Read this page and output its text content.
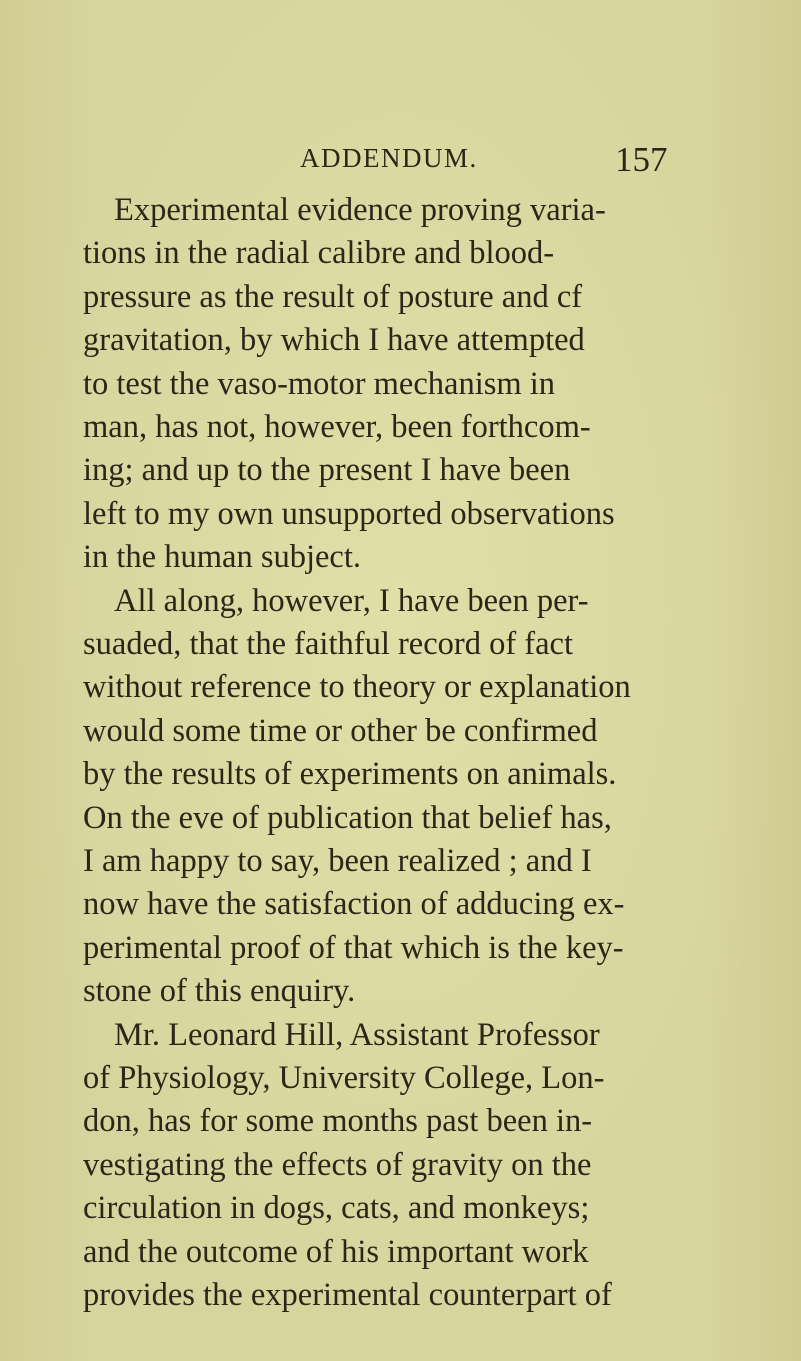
ADDENDUM.	157
Experimental evidence proving varia-
tions in the radial calibre and blood-
pressure as the result of posture and cf
gravitation, by which I have attempted
to test the vaso-motor mechanism in
man, has not, however, been forthcom-
ing; and up to the present I have been
left to my own unsupported observations
in the human subject.
All along, however, I have been per-
suaded, that the faithful record of fact
without reference to theory or explanation
would some time or other be confirmed
by the results of experiments on animals.
On the eve of publication that belief has,
I am happy to say, been realized ; and I
now have the satisfaction of adducing ex-
perimental proof of that which is the key-
stone of this enquiry.
Mr. Leonard Hill, Assistant Professor
of Physiology, University College, Lon-
don, has for some months past been in-
vestigating the effects of gravity on the
circulation in dogs, cats, and monkeys;
and the outcome of his important work
provides the experimental counterpart of
